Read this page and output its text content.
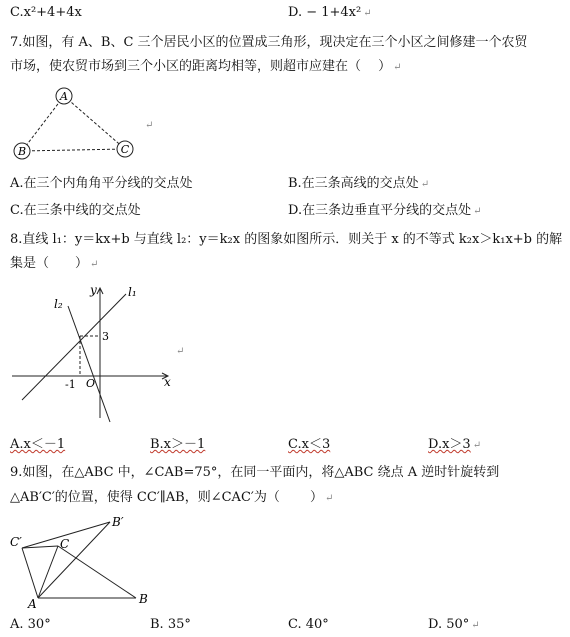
C.x²+4+4x	D. − 1+4x² ↵
7.如图，有 A、B、C 三个居民小区的位置成三角形，现决定在三个小区之间修建一个农贸
市场，使农贸市场到三个小区的距离均相等，则超市应建在（　 ） ↵
A
B	C
↵
A.在三个内角角平分线的交点处	B.在三条高线的交点处 ↵
C.在三条中线的交点处	D.在三条边垂直平分线的交点处 ↵
8.直线 l₁：y＝kx+b 与直线 l₂：y＝k₂x 的图象如图所示．则关于 x 的不等式 k₂x＞k₁x+b 的解
集是（　　） ↵
l₁
l₂
y
x
3
-1 O
↵
A.x＜－1	B.x＞－1	C.x＜3	D.x＞3 ↵
9.如图，在△ABC 中，∠CAB=75°，在同一平面内，将△ABC 绕点 A 逆时针旋转到
△AB′C′的位置，使得 CC′∥AB，则∠CAC′为（　　 ） ↵
A	B
C
B′
C′
A. 30°	B. 35°	C. 40°	D. 50° ↵
